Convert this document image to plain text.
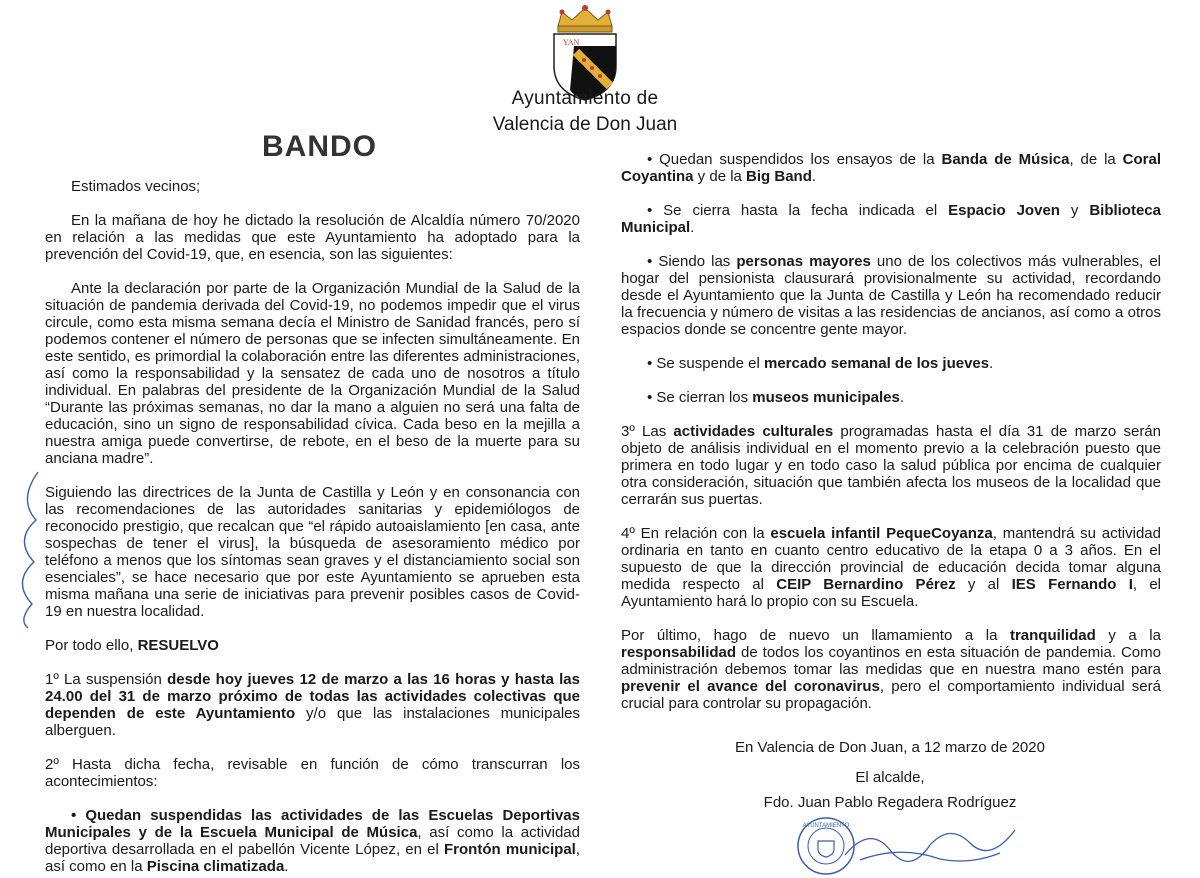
YAN
Ayuntamiento de
Valencia de Don Juan
BANDO

Estimados vecinos;

En la mañana de hoy he dictado la resolución de Alcaldía número 70/2020 en relación a las medidas que este Ayuntamiento ha adoptado para la prevención del Covid-19, que, en esencia, son las siguientes:

Ante la declaración por parte de la Organización Mundial de la Salud de la situación de pandemia derivada del Covid-19, no podemos impedir que el virus circule, como esta misma semana decía el Ministro de Sanidad francés, pero sí podemos contener el número de personas que se infecten simultáneamente. En este sentido, es primordial la colaboración entre las diferentes administraciones, así como la responsabilidad y la sensatez de cada uno de nosotros a título individual. En palabras del presidente de la Organización Mundial de la Salud “Durante las próximas semanas, no dar la mano a alguien no será una falta de educación, sino un signo de responsabilidad cívica. Cada beso en la mejilla a nuestra amiga puede convertirse, de rebote, en el beso de la muerte para su anciana madre”.

Siguiendo las directrices de la Junta de Castilla y León y en consonancia con las recomendaciones de las autoridades sanitarias y epidemiólogos de reconocido prestigio, que recalcan que “el rápido autoaislamiento [en casa, ante sospechas de tener el virus], la búsqueda de asesoramiento médico por teléfono a menos que los síntomas sean graves y el distanciamiento social son esenciales”, se hace necesario que por este Ayuntamiento se aprueben esta misma mañana una serie de iniciativas para prevenir posibles casos de Covid-19 en nuestra localidad.

Por todo ello, RESUELVO

1º La suspensión desde hoy jueves 12 de marzo a las 16 horas y hasta las 24.00 del 31 de marzo próximo de todas las actividades colectivas que dependen de este Ayuntamiento y/o que las instalaciones municipales alberguen.

2º Hasta dicha fecha, revisable en función de cómo transcurran los acontecimientos:

• Quedan suspendidas las actividades de las Escuelas Deportivas Municipales y de la Escuela Municipal de Música, así como la actividad deportiva desarrollada en el pabellón Vicente López, en el Frontón municipal, así como en la Piscina climatizada.

• Quedan suspendidos los ensayos de la Banda de Música, de la Coral Coyantina y de la Big Band.

• Se cierra hasta la fecha indicada el Espacio Joven y Biblioteca Municipal.

• Siendo las personas mayores uno de los colectivos más vulnerables, el hogar del pensionista clausurará provisionalmente su actividad, recordando desde el Ayuntamiento que la Junta de Castilla y León ha recomendado reducir la frecuencia y número de visitas a las residencias de ancianos, así como a otros espacios donde se concentre gente mayor.

• Se suspende el mercado semanal de los jueves.

• Se cierran los museos municipales.

3º Las actividades culturales programadas hasta el día 31 de marzo serán objeto de análisis individual en el momento previo a la celebración puesto que primera en todo lugar y en todo caso la salud pública por encima de cualquier otra consideración, situación que también afecta los museos de la localidad que cerrarán sus puertas.

4º En relación con la escuela infantil PequeCoyanza, mantendrá su actividad ordinaria en tanto en cuanto centro educativo de la etapa 0 a 3 años. En el supuesto de que la dirección provincial de educación decida tomar alguna medida respecto al CEIP Bernardino Pérez y al IES Fernando I, el Ayuntamiento hará lo propio con su Escuela.

Por último, hago de nuevo un llamamiento a la tranquilidad y a la responsabilidad de todos los coyantinos en esta situación de pandemia. Como administración debemos tomar las medidas que en nuestra mano estén para prevenir el avance del coronavirus, pero el comportamiento individual será crucial para controlar su propagación.

En Valencia de Don Juan, a 12 marzo de 2020
El alcalde,
Fdo. Juan Pablo Regadera Rodríguez
AYUNTAMIENTO
